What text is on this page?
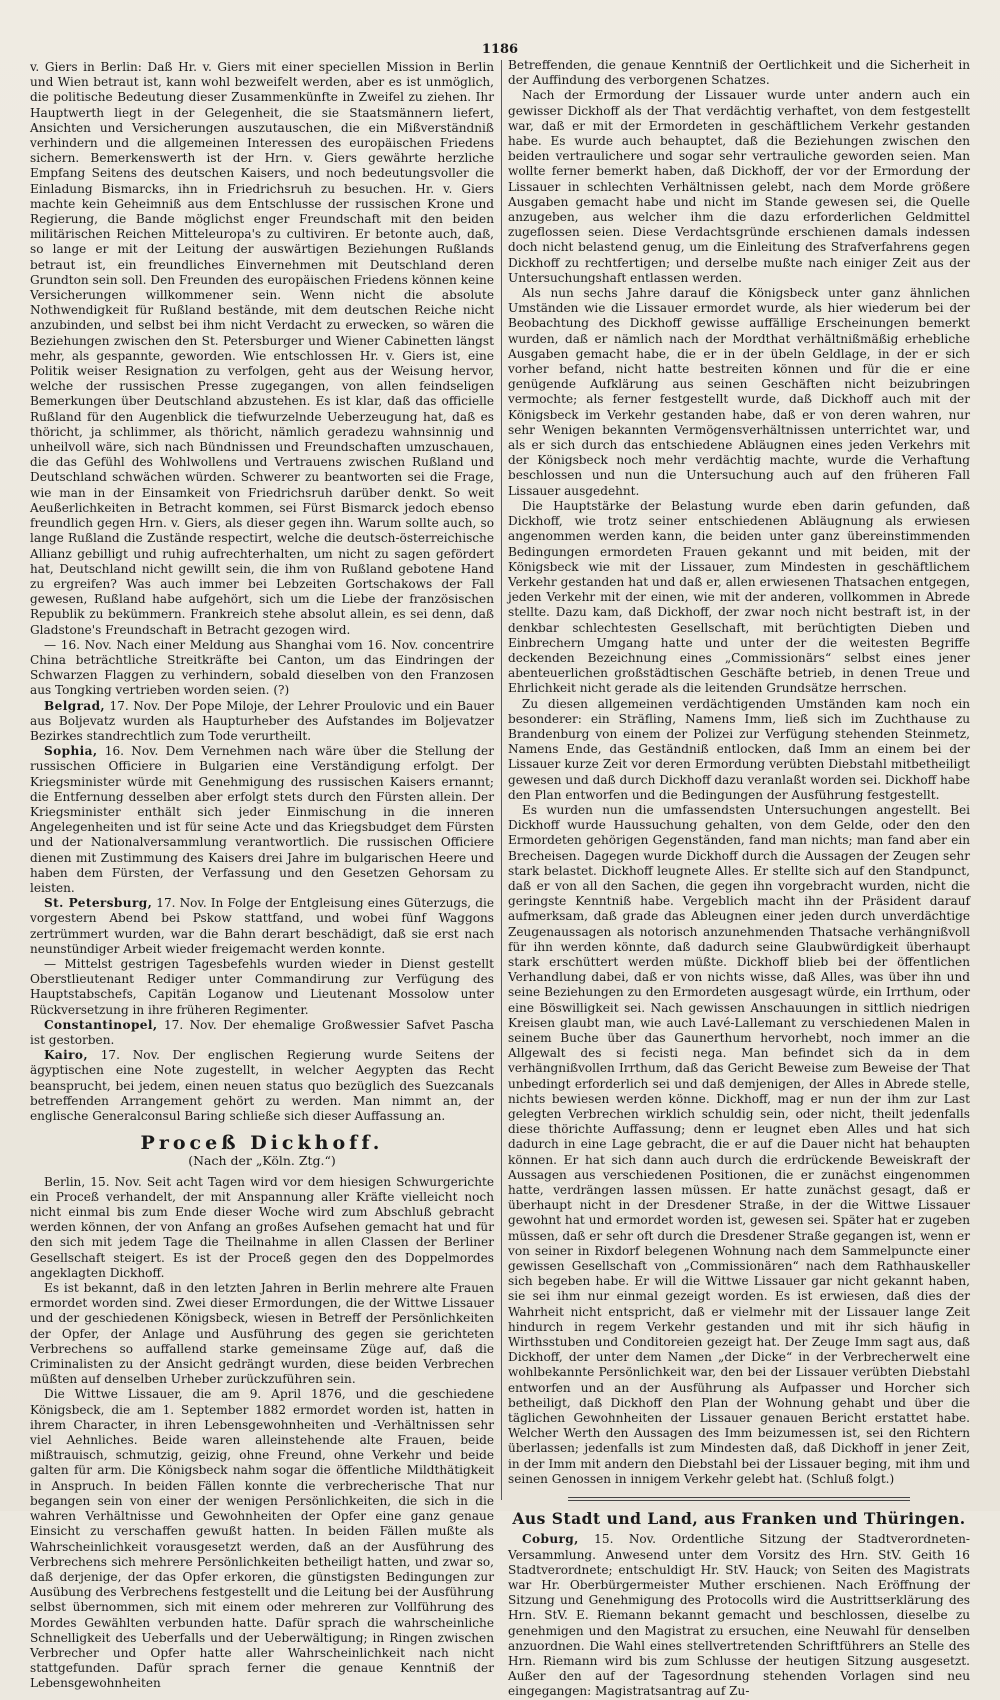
1186

v. Giers in Berlin: Daß Hr. v. Giers mit einer speciellen Mission in Berlin und Wien betraut ist, kann wohl bezweifelt werden, aber es ist unmöglich, die politische Bedeutung dieser Zusammenkünfte in Zweifel zu ziehen. Ihr Hauptwerth liegt in der Gelegenheit, die sie Staatsmännern liefert, Ansichten und Versicherungen auszutauschen, die ein Mißverständniß verhindern und die allgemeinen Interessen des europäischen Friedens sichern. Bemerkenswerth ist der Hrn. v. Giers gewährte herzliche Empfang Seitens des deutschen Kaisers, und noch bedeutungsvoller die Einladung Bismarcks, ihn in Friedrichsruh zu besuchen. Hr. v. Giers machte kein Geheimniß aus dem Entschlusse der russischen Krone und Regierung, die Bande möglichst enger Freundschaft mit den beiden militärischen Reichen Mitteleuropa's zu cultiviren. Er betonte auch, daß, so lange er mit der Leitung der auswärtigen Beziehungen Rußlands betraut ist, ein freundliches Einvernehmen mit Deutschland deren Grundton sein soll. Den Freunden des europäischen Friedens können keine Versicherungen willkommener sein. Wenn nicht die absolute Nothwendigkeit für Rußland bestände, mit dem deutschen Reiche nicht anzubinden, und selbst bei ihm nicht Verdacht zu erwecken, so wären die Beziehungen zwischen den St. Petersburger und Wiener Cabinetten längst mehr, als gespannte, geworden. Wie entschlossen Hr. v. Giers ist, eine Politik weiser Resignation zu verfolgen, geht aus der Weisung hervor, welche der russischen Presse zugegangen, von allen feindseligen Bemerkungen über Deutschland abzustehen. Es ist klar, daß das officielle Rußland für den Augenblick die tiefwurzelnde Ueberzeugung hat, daß es thöricht, ja schlimmer, als thöricht, nämlich geradezu wahnsinnig und unheilvoll wäre, sich nach Bündnissen und Freundschaften umzuschauen, die das Gefühl des Wohlwollens und Vertrauens zwischen Rußland und Deutschland schwächen würden. Schwerer zu beantworten sei die Frage, wie man in der Einsamkeit von Friedrichsruh darüber denkt. So weit Aeußerlichkeiten in Betracht kommen, sei Fürst Bismarck jedoch ebenso freundlich gegen Hrn. v. Giers, als dieser gegen ihn. Warum sollte auch, so lange Rußland die Zustände respectirt, welche die deutsch-österreichische Allianz gebilligt und ruhig aufrechterhalten, um nicht zu sagen gefördert hat, Deutschland nicht gewillt sein, die ihm von Rußland gebotene Hand zu ergreifen? Was auch immer bei Lebzeiten Gortschakows der Fall gewesen, Rußland habe aufgehört, sich um die Liebe der französischen Republik zu bekümmern. Frankreich stehe absolut allein, es sei denn, daß Gladstone's Freundschaft in Betracht gezogen wird.

— 16. Nov. Nach einer Meldung aus Shanghai vom 16. Nov. concentrire China beträchtliche Streitkräfte bei Canton, um das Eindringen der Schwarzen Flaggen zu verhindern, sobald dieselben von den Franzosen aus Tongking vertrieben worden seien. (?)

Belgrad, 17. Nov. Der Pope Miloje, der Lehrer Proulovic und ein Bauer aus Boljevatz wurden als Haupturheber des Aufstandes im Boljevatzer Bezirkes standrechtlich zum Tode verurtheilt.

Sophia, 16. Nov. Dem Vernehmen nach wäre über die Stellung der russischen Officiere in Bulgarien eine Verständigung erfolgt. Der Kriegsminister würde mit Genehmigung des russischen Kaisers ernannt; die Entfernung desselben aber erfolgt stets durch den Fürsten allein. Der Kriegsminister enthält sich jeder Einmischung in die inneren Angelegenheiten und ist für seine Acte und das Kriegsbudget dem Fürsten und der Nationalversammlung verantwortlich. Die russischen Officiere dienen mit Zustimmung des Kaisers drei Jahre im bulgarischen Heere und haben dem Fürsten, der Verfassung und den Gesetzen Gehorsam zu leisten.

St. Petersburg, 17. Nov. In Folge der Entgleisung eines Güterzugs, die vorgestern Abend bei Pskow stattfand, und wobei fünf Waggons zertrümmert wurden, war die Bahn derart beschädigt, daß sie erst nach neunstündiger Arbeit wieder freigemacht werden konnte.

— Mittelst gestrigen Tagesbefehls wurden wieder in Dienst gestellt Oberstlieutenant Rediger unter Commandirung zur Verfügung des Hauptstabschefs, Capitän Loganow und Lieutenant Mossolow unter Rückversetzung in ihre früheren Regimenter.

Constantinopel, 17. Nov. Der ehemalige Großwessier Safvet Pascha ist gestorben.

Kairo, 17. Nov. Der englischen Regierung wurde Seitens der ägyptischen eine Note zugestellt, in welcher Aegypten das Recht beansprucht, bei jedem, einen neuen status quo bezüglich des Suezcanals betreffenden Arrangement gehört zu werden. Man nimmt an, der englische Generalconsul Baring schließe sich dieser Auffassung an.

Proceß Dickhoff.
(Nach der „Köln. Ztg.“)

Berlin, 15. Nov. Seit acht Tagen wird vor dem hiesigen Schwurgerichte ein Proceß verhandelt, der mit Anspannung aller Kräfte vielleicht noch nicht einmal bis zum Ende dieser Woche wird zum Abschluß gebracht werden können, der von Anfang an großes Aufsehen gemacht hat und für den sich mit jedem Tage die Theilnahme in allen Classen der Berliner Gesellschaft steigert. Es ist der Proceß gegen den des Doppelmordes angeklagten Dickhoff.

Es ist bekannt, daß in den letzten Jahren in Berlin mehrere alte Frauen ermordet worden sind. Zwei dieser Ermordungen, die der Wittwe Lissauer und der geschiedenen Königsbeck, wiesen in Betreff der Persönlichkeiten der Opfer, der Anlage und Ausführung des gegen sie gerichteten Verbrechens so auffallend starke gemeinsame Züge auf, daß die Criminalisten zu der Ansicht gedrängt wurden, diese beiden Verbrechen müßten auf denselben Urheber zurückzuführen sein.

Die Wittwe Lissauer, die am 9. April 1876, und die geschiedene Königsbeck, die am 1. September 1882 ermordet worden ist, hatten in ihrem Character, in ihren Lebensgewohnheiten und -Verhältnissen sehr viel Aehnliches. Beide waren alleinstehende alte Frauen, beide mißtrauisch, schmutzig, geizig, ohne Freund, ohne Verkehr und beide galten für arm. Die Königsbeck nahm sogar die öffentliche Mildthätigkeit in Anspruch. In beiden Fällen konnte die verbrecherische That nur begangen sein von einer der wenigen Persönlichkeiten, die sich in die wahren Verhältnisse und Gewohnheiten der Opfer eine ganz genaue Einsicht zu verschaffen gewußt hatten. In beiden Fällen mußte als Wahrscheinlichkeit vorausgesetzt werden, daß an der Ausführung des Verbrechens sich mehrere Persönlichkeiten betheiligt hatten, und zwar so, daß derjenige, der das Opfer erkoren, die günstigsten Bedingungen zur Ausübung des Verbrechens festgestellt und die Leitung bei der Ausführung selbst übernommen, sich mit einem oder mehreren zur Vollführung des Mordes Gewählten verbunden hatte. Dafür sprach die wahrscheinliche Schnelligkeit des Ueberfalls und der Ueberwältigung; in Ringen zwischen Verbrecher und Opfer hatte aller Wahrscheinlichkeit nach nicht stattgefunden. Dafür sprach ferner die genaue Kenntniß der Lebensgewohnheiten

Betreffenden, die genaue Kenntniß der Oertlichkeit und die Sicherheit in der Auffindung des verborgenen Schatzes.

Nach der Ermordung der Lissauer wurde unter andern auch ein gewisser Dickhoff als der That verdächtig verhaftet, von dem festgestellt war, daß er mit der Ermordeten in geschäftlichem Verkehr gestanden habe. Es wurde auch behauptet, daß die Beziehungen zwischen den beiden vertraulichere und sogar sehr vertrauliche geworden seien. Man wollte ferner bemerkt haben, daß Dickhoff, der vor der Ermordung der Lissauer in schlechten Verhältnissen gelebt, nach dem Morde größere Ausgaben gemacht habe und nicht im Stande gewesen sei, die Quelle anzugeben, aus welcher ihm die dazu erforderlichen Geldmittel zugeflossen seien. Diese Verdachtsgründe erschienen damals indessen doch nicht belastend genug, um die Einleitung des Strafverfahrens gegen Dickhoff zu rechtfertigen; und derselbe mußte nach einiger Zeit aus der Untersuchungshaft entlassen werden.

Als nun sechs Jahre darauf die Königsbeck unter ganz ähnlichen Umständen wie die Lissauer ermordet wurde, als hier wiederum bei der Beobachtung des Dickhoff gewisse auffällige Erscheinungen bemerkt wurden, daß er nämlich nach der Mordthat verhältnißmäßig erhebliche Ausgaben gemacht habe, die er in der übeln Geldlage, in der er sich vorher befand, nicht hatte bestreiten können und für die er eine genügende Aufklärung aus seinen Geschäften nicht beizubringen vermochte; als ferner festgestellt wurde, daß Dickhoff auch mit der Königsbeck im Verkehr gestanden habe, daß er von deren wahren, nur sehr Wenigen bekannten Vermögensverhältnissen unterrichtet war, und als er sich durch das entschiedene Abläugnen eines jeden Verkehrs mit der Königsbeck noch mehr verdächtig machte, wurde die Verhaftung beschlossen und nun die Untersuchung auch auf den früheren Fall Lissauer ausgedehnt.

Die Hauptstärke der Belastung wurde eben darin gefunden, daß Dickhoff, wie trotz seiner entschiedenen Abläugnung als erwiesen angenommen werden kann, die beiden unter ganz übereinstimmenden Bedingungen ermordeten Frauen gekannt und mit beiden, mit der Königsbeck wie mit der Lissauer, zum Mindesten in geschäftlichem Verkehr gestanden hat und daß er, allen erwiesenen Thatsachen entgegen, jeden Verkehr mit der einen, wie mit der anderen, vollkommen in Abrede stellte. Dazu kam, daß Dickhoff, der zwar noch nicht bestraft ist, in der denkbar schlechtesten Gesellschaft, mit berüchtigten Dieben und Einbrechern Umgang hatte und unter der die weitesten Begriffe deckenden Bezeichnung eines „Commissionärs“ selbst eines jener abenteuerlichen großstädtischen Geschäfte betrieb, in denen Treue und Ehrlichkeit nicht gerade als die leitenden Grundsätze herrschen.

Zu diesen allgemeinen verdächtigenden Umständen kam noch ein besonderer: ein Sträfling, Namens Imm, ließ sich im Zuchthause zu Brandenburg von einem der Polizei zur Verfügung stehenden Steinmetz, Namens Ende, das Geständniß entlocken, daß Imm an einem bei der Lissauer kurze Zeit vor deren Ermordung verübten Diebstahl mitbetheiligt gewesen und daß durch Dickhoff dazu veranlaßt worden sei. Dickhoff habe den Plan entworfen und die Bedingungen der Ausführung festgestellt.

Es wurden nun die umfassendsten Untersuchungen angestellt. Bei Dickhoff wurde Haussuchung gehalten, von dem Gelde, oder den den Ermordeten gehörigen Gegenständen, fand man nichts; man fand aber ein Brecheisen. Dagegen wurde Dickhoff durch die Aussagen der Zeugen sehr stark belastet. Dickhoff leugnete Alles. Er stellte sich auf den Standpunct, daß er von all den Sachen, die gegen ihn vorgebracht wurden, nicht die geringste Kenntniß habe. Vergeblich macht ihn der Präsident darauf aufmerksam, daß grade das Ableugnen einer jeden durch unverdächtige Zeugenaussagen als notorisch anzunehmenden Thatsache verhängnißvoll für ihn werden könnte, daß dadurch seine Glaubwürdigkeit überhaupt stark erschüttert werden müßte. Dickhoff blieb bei der öffentlichen Verhandlung dabei, daß er von nichts wisse, daß Alles, was über ihn und seine Beziehungen zu den Ermordeten ausgesagt würde, ein Irrthum, oder eine Böswilligkeit sei. Nach gewissen Anschauungen in sittlich niedrigen Kreisen glaubt man, wie auch Lavé-Lallemant zu verschiedenen Malen in seinem Buche über das Gaunerthum hervorhebt, noch immer an die Allgewalt des si fecisti nega. Man befindet sich da in dem verhängnißvollen Irrthum, daß das Gericht Beweise zum Beweise der That unbedingt erforderlich sei und daß demjenigen, der Alles in Abrede stelle, nichts bewiesen werden könne. Dickhoff, mag er nun der ihm zur Last gelegten Verbrechen wirklich schuldig sein, oder nicht, theilt jedenfalls diese thörichte Auffassung; denn er leugnet eben Alles und hat sich dadurch in eine Lage gebracht, die er auf die Dauer nicht hat behaupten können. Er hat sich dann auch durch die erdrückende Beweiskraft der Aussagen aus verschiedenen Positionen, die er zunächst eingenommen hatte, verdrängen lassen müssen. Er hatte zunächst gesagt, daß er überhaupt nicht in der Dresdener Straße, in der die Wittwe Lissauer gewohnt hat und ermordet worden ist, gewesen sei. Später hat er zugeben müssen, daß er sehr oft durch die Dresdener Straße gegangen ist, wenn er von seiner in Rixdorf belegenen Wohnung nach dem Sammelpuncte einer gewissen Gesellschaft von „Commissionären“ nach dem Rathhauskeller sich begeben habe. Er will die Wittwe Lissauer gar nicht gekannt haben, sie sei ihm nur einmal gezeigt worden. Es ist erwiesen, daß dies der Wahrheit nicht entspricht, daß er vielmehr mit der Lissauer lange Zeit hindurch in regem Verkehr gestanden und mit ihr sich häufig in Wirthsstuben und Conditoreien gezeigt hat. Der Zeuge Imm sagt aus, daß Dickhoff, der unter dem Namen „der Dicke“ in der Verbrecherwelt eine wohlbekannte Persönlichkeit war, den bei der Lissauer verübten Diebstahl entworfen und an der Ausführung als Aufpasser und Horcher sich betheiligt, daß Dickhoff den Plan der Wohnung gehabt und über die täglichen Gewohnheiten der Lissauer genauen Bericht erstattet habe. Welcher Werth den Aussagen des Imm beizumessen ist, sei den Richtern überlassen; jedenfalls ist zum Mindesten daß, daß Dickhoff in jener Zeit, in der Imm mit andern den Diebstahl bei der Lissauer beging, mit ihm und seinen Genossen in innigem Verkehr gelebt hat. (Schluß folgt.)

Aus Stadt und Land, aus Franken und Thüringen.

Coburg, 15. Nov. Ordentliche Sitzung der Stadtverordneten-Versammlung. Anwesend unter dem Vorsitz des Hrn. StV. Geith 16 Stadtverordnete; entschuldigt Hr. StV. Hauck; von Seiten des Magistrats war Hr. Oberbürgermeister Muther erschienen. Nach Eröffnung der Sitzung und Genehmigung des Protocolls wird die Austrittserklärung des Hrn. StV. E. Riemann bekannt gemacht und beschlossen, dieselbe zu genehmigen und den Magistrat zu ersuchen, eine Neuwahl für denselben anzuordnen. Die Wahl eines stellvertretenden Schriftführers an Stelle des Hrn. Riemann wird bis zum Schlusse der heutigen Sitzung ausgesetzt. Außer den auf der Tagesordnung stehenden Vorlagen sind neu eingegangen: Magistratsantrag auf Zu-
